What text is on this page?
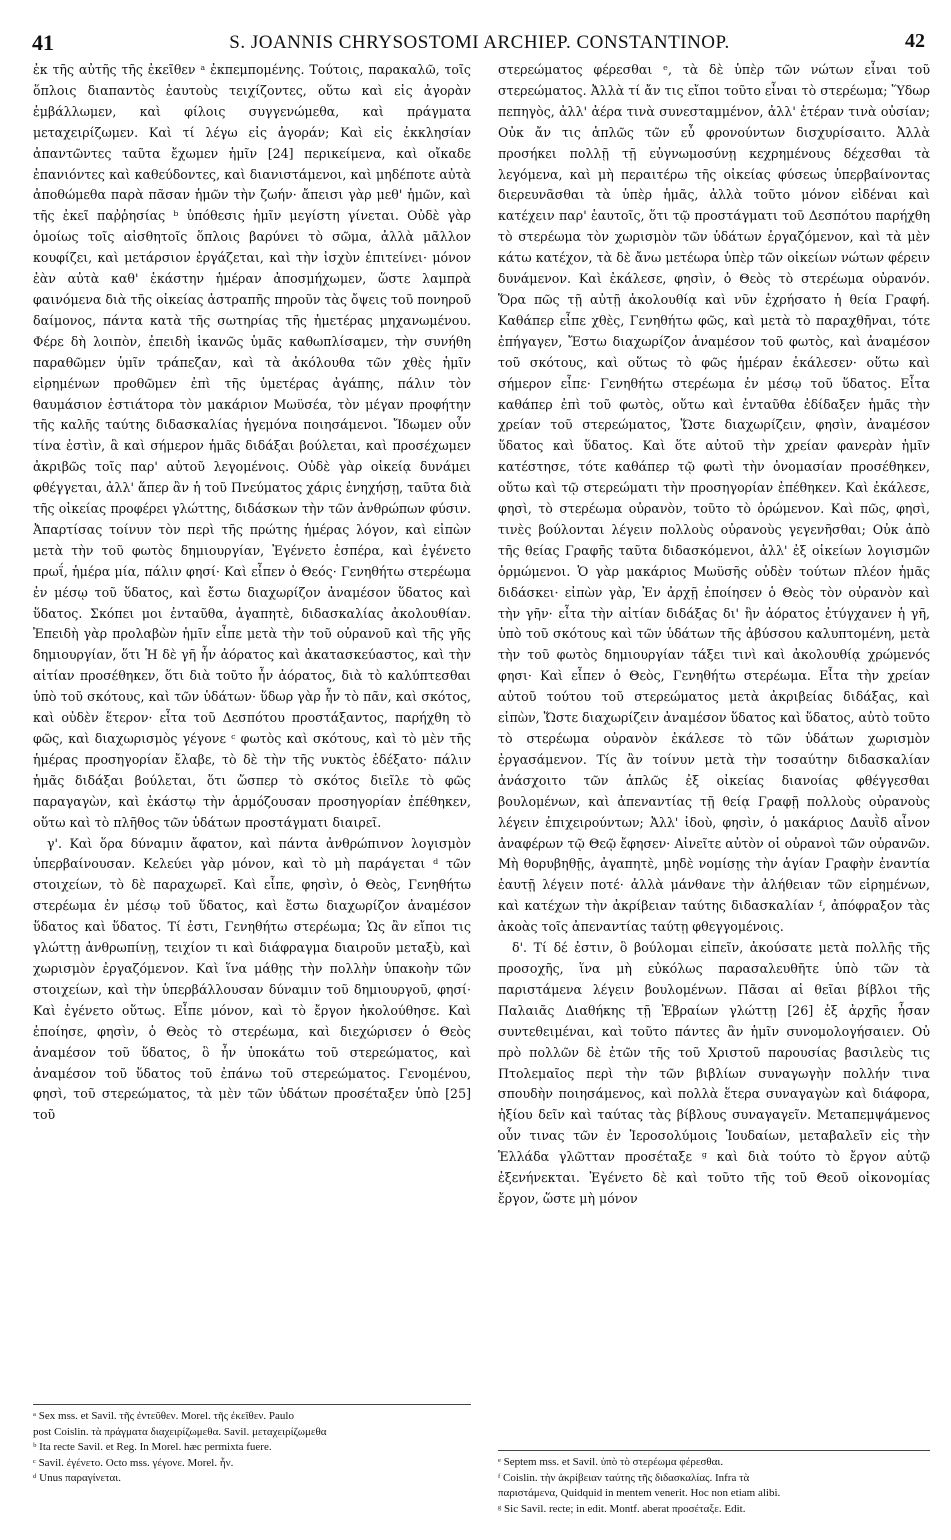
41	S. JOANNIS CHRYSOSTOMI ARCHIEP. CONSTANTINOP.	42

ἐκ τῆς αὐτῆς τῆς ἐκεῖθεν ᵃ ἐκπεμπομένης. Τούτοις, παρακαλῶ, τοῖς ὅπλοις διαπαντὸς ἑαυτοὺς τειχίζοντες, οὕτω καὶ εἰς ἀγορὰν ἐμβάλλωμεν, καὶ φίλοις συγγενώμεθα, καὶ πράγματα μεταχειρίζωμεν. Καὶ τί λέγω εἰς ἀγοράν; Καὶ εἰς ἐκκλησίαν ἀπαντῶντες ταῦτα ἔχωμεν ἡμῖν [24] περικείμενα, καὶ οἴκαδε ἐπανιόντες καὶ καθεύδοντες, καὶ διανιστάμενοι, καὶ μηδέποτε αὐτὰ ἀποθώμεθα παρὰ πᾶσαν ἡμῶν τὴν ζωήν· ἄπεισι γὰρ μεθ' ἡμῶν, καὶ τῆς ἐκεῖ παῤῥησίας ᵇ ὑπόθεσις ἡμῖν μεγίστη γίνεται. Οὐδὲ γὰρ ὁμοίως τοῖς αἰσθητοῖς ὅπλοις βαρύνει τὸ σῶμα, ἀλλὰ μᾶλλον κουφίζει, καὶ μετάρσιον ἐργάζεται, καὶ τὴν ἰσχὺν ἐπιτείνει· μόνον ἐὰν αὐτὰ καθ' ἑκάστην ἡμέραν ἀποσμήχωμεν, ὥστε λαμπρὰ φαινόμενα διὰ τῆς οἰκείας ἀστραπῆς πηροῦν τὰς ὄψεις τοῦ πονηροῦ δαίμονος, πάντα κατὰ τῆς σωτηρίας τῆς ἡμετέρας μηχανωμένου. Φέρε δὴ λοιπὸν, ἐπειδὴ ἱκανῶς ὑμᾶς καθωπλίσαμεν, τὴν συνήθη παραθῶμεν ὑμῖν τράπεζαν, καὶ τὰ ἀκόλουθα τῶν χθὲς ἡμῖν εἰρημένων προθῶμεν ἐπὶ τῆς ὑμετέρας ἀγάπης, πάλιν τὸν θαυμάσιον ἑστιάτορα τὸν μακάριον Μωϋσέα, τὸν μέγαν προφήτην τῆς καλῆς ταύτης διδασκαλίας ἡγεμόνα ποιησάμενοι. Ἴδωμεν οὖν τίνα ἐστὶν, ἃ καὶ σήμερον ἡμᾶς διδάξαι βούλεται, καὶ προσέχωμεν ἀκριβῶς τοῖς παρ' αὐτοῦ λεγομένοις. Οὐδὲ γὰρ οἰκείᾳ δυνάμει φθέγγεται, ἀλλ' ἅπερ ἂν ἡ τοῦ Πνεύματος χάρις ἐνηχήσῃ, ταῦτα διὰ τῆς οἰκείας προφέρει γλώττης, διδάσκων τὴν τῶν ἀνθρώπων φύσιν. Ἀπαρτίσας τοίνυν τὸν περὶ τῆς πρώτης ἡμέρας λόγον, καὶ εἰπὼν μετὰ τὴν τοῦ φωτὸς δημιουργίαν, Ἐγένετο ἑσπέρα, καὶ ἐγένετο πρωΐ, ἡμέρα μία, πάλιν φησί· Καὶ εἶπεν ὁ Θεός· Γενηθήτω στερέωμα ἐν μέσῳ τοῦ ὕδατος, καὶ ἔστω διαχωρίζον ἀναμέσον ὕδατος καὶ ὕδατος. Σκόπει μοι ἐνταῦθα, ἀγαπητὲ, διδασκαλίας ἀκολουθίαν. Ἐπειδὴ γὰρ προλαβὼν ἡμῖν εἶπε μετὰ τὴν τοῦ οὐρανοῦ καὶ τῆς γῆς δημιουργίαν, ὅτι Ἡ δὲ γῆ ἦν ἀόρατος καὶ ἀκατασκεύαστος, καὶ τὴν αἰτίαν προσέθηκεν, ὅτι διὰ τοῦτο ἦν ἀόρατος, διὰ τὸ καλύπτεσθαι ὑπὸ τοῦ σκότους, καὶ τῶν ὑδάτων· ὕδωρ γὰρ ἦν τὸ πᾶν, καὶ σκότος, καὶ οὐδὲν ἕτερον· εἶτα τοῦ Δεσπότου προστάξαντος, παρήχθη τὸ φῶς, καὶ διαχωρισμὸς γέγονε ᶜ φωτὸς καὶ σκότους, καὶ τὸ μὲν τῆς ἡμέρας προσηγορίαν ἔλαβε, τὸ δὲ τὴν τῆς νυκτὸς ἐδέξατο· πάλιν ἡμᾶς διδάξαι βούλεται, ὅτι ὥσπερ τὸ σκότος διεῖλε τὸ φῶς παραγαγὼν, καὶ ἑκάστῳ τὴν ἁρμόζουσαν προσηγορίαν ἐπέθηκεν, οὕτω καὶ τὸ πλῆθος τῶν ὑδάτων προστάγματι διαιρεῖ.

γ'. Καὶ ὅρα δύναμιν ἄφατον, καὶ πάντα ἀνθρώπινον λογισμὸν ὑπερβαίνουσαν. Κελεύει γὰρ μόνον, καὶ τὸ μὴ παράγεται ᵈ τῶν στοιχείων, τὸ δὲ παραχωρεῖ. Καὶ εἶπε, φησὶν, ὁ Θεὸς, Γενηθήτω στερέωμα ἐν μέσῳ τοῦ ὕδατος, καὶ ἔστω διαχωρίζον ἀναμέσον ὕδατος καὶ ὕδατος. Τί ἐστι, Γενηθήτω στερέωμα; Ὡς ἂν εἴποι τις γλώττῃ ἀνθρωπίνῃ, τειχίον τι καὶ διάφραγμα διαιροῦν μεταξὺ, καὶ χωρισμὸν ἐργαζόμενον. Καὶ ἵνα μάθῃς τὴν πολλὴν ὑπακοὴν τῶν στοιχείων, καὶ τὴν ὑπερβάλλουσαν δύναμιν τοῦ δημιουργοῦ, φησί· Καὶ ἐγένετο οὕτως. Εἶπε μόνον, καὶ τὸ ἔργον ἠκολούθησε. Καὶ ἐποίησε, φησὶν, ὁ Θεὸς τὸ στερέωμα, καὶ διεχώρισεν ὁ Θεὸς ἀναμέσον τοῦ ὕδατος, ὃ ἦν ὑποκάτω τοῦ στερεώματος, καὶ ἀναμέσον τοῦ ὕδατος τοῦ ἐπάνω τοῦ στερεώματος. Γενομένου, φησὶ, τοῦ στερεώματος, τὰ μὲν τῶν ὑδάτων προσέταξεν ὑπὸ [25] τοῦ

στερεώματος φέρεσθαι ᵉ, τὰ δὲ ὑπὲρ τῶν νώτων εἶναι τοῦ στερεώματος. Ἀλλὰ τί ἄν τις εἴποι τοῦτο εἶναι τὸ στερέωμα; Ὕδωρ πεπηγὸς, ἀλλ' ἀέρα τινὰ συνεσταμμένον, ἀλλ' ἑτέραν τινὰ οὐσίαν; Οὐκ ἄν τις ἁπλῶς τῶν εὖ φρονούντων δισχυρίσαιτο. Ἀλλὰ προσήκει πολλῇ τῇ εὐγνωμοσύνῃ κεχρημένους δέχεσθαι τὰ λεγόμενα, καὶ μὴ περαιτέρω τῆς οἰκείας φύσεως ὑπερβαίνοντας διερευνᾶσθαι τὰ ὑπὲρ ἡμᾶς, ἀλλὰ τοῦτο μόνον εἰδέναι καὶ κατέχειν παρ' ἑαυτοῖς, ὅτι τῷ προστάγματι τοῦ Δεσπότου παρήχθη τὸ στερέωμα τὸν χωρισμὸν τῶν ὑδάτων ἐργαζόμενον, καὶ τὰ μὲν κάτω κατέχον, τὰ δὲ ἄνω μετέωρα ὑπὲρ τῶν οἰκείων νώτων φέρειν δυνάμενον. Καὶ ἐκάλεσε, φησὶν, ὁ Θεὸς τὸ στερέωμα οὐρανόν. Ὅρα πῶς τῇ αὐτῇ ἀκολουθίᾳ καὶ νῦν ἐχρήσατο ἡ θεία Γραφή. Καθάπερ εἶπε χθὲς, Γενηθήτω φῶς, καὶ μετὰ τὸ παραχθῆναι, τότε ἐπήγαγεν, Ἔστω διαχωρίζον ἀναμέσον τοῦ φωτὸς, καὶ ἀναμέσον τοῦ σκότους, καὶ οὕτως τὸ φῶς ἡμέραν ἐκάλεσεν· οὕτω καὶ σήμερον εἶπε· Γενηθήτω στερέωμα ἐν μέσῳ τοῦ ὕδατος. Εἶτα καθάπερ ἐπὶ τοῦ φωτὸς, οὕτω καὶ ἐνταῦθα ἐδίδαξεν ἡμᾶς τὴν χρείαν τοῦ στερεώματος, Ὥστε διαχωρίζειν, φησὶν, ἀναμέσον ὕδατος καὶ ὕδατος. Καὶ ὅτε αὐτοῦ τὴν χρείαν φανερὰν ἡμῖν κατέστησε, τότε καθάπερ τῷ φωτὶ τὴν ὀνομασίαν προσέθηκεν, οὕτω καὶ τῷ στερεώματι τὴν προσηγορίαν ἐπέθηκεν. Καὶ ἐκάλεσε, φησὶ, τὸ στερέωμα οὐρανὸν, τοῦτο τὸ ὁρώμενον. Καὶ πῶς, φησὶ, τινὲς βούλονται λέγειν πολλοὺς οὐρανοὺς γεγενῆσθαι; Οὐκ ἀπὸ τῆς θείας Γραφῆς ταῦτα διδασκόμενοι, ἀλλ' ἐξ οἰκείων λογισμῶν ὁρμώμενοι. Ὁ γὰρ μακάριος Μωϋσῆς οὐδὲν τούτων πλέον ἡμᾶς διδάσκει· εἰπὼν γὰρ, Ἐν ἀρχῇ ἐποίησεν ὁ Θεὸς τὸν οὐρανὸν καὶ τὴν γῆν· εἶτα τὴν αἰτίαν διδάξας δι' ἣν ἀόρατος ἐτύγχανεν ἡ γῆ, ὑπὸ τοῦ σκότους καὶ τῶν ὑδάτων τῆς ἀβύσσου καλυπτομένη, μετὰ τὴν τοῦ φωτὸς δημιουργίαν τάξει τινὶ καὶ ἀκολουθίᾳ χρώμενός φησι· Καὶ εἶπεν ὁ Θεὸς, Γενηθήτω στερέωμα. Εἶτα τὴν χρείαν αὐτοῦ τούτου τοῦ στερεώματος μετὰ ἀκριβείας διδάξας, καὶ εἰπὼν, Ὥστε διαχωρίζειν ἀναμέσον ὕδατος καὶ ὕδατος, αὐτὸ τοῦτο τὸ στερέωμα οὐρανὸν ἐκάλεσε τὸ τῶν ὑδάτων χωρισμὸν ἐργασάμενον. Τίς ἂν τοίνυν μετὰ τὴν τοσαύτην διδασκαλίαν ἀνάσχοιτο τῶν ἁπλῶς ἐξ οἰκείας διανοίας φθέγγεσθαι βουλομένων, καὶ ἀπεναντίας τῇ θείᾳ Γραφῇ πολλοὺς οὐρανοὺς λέγειν ἐπιχειρούντων; Ἀλλ' ἰδοὺ, φησὶν, ὁ μακάριος Δαυῒδ αἶνον ἀναφέρων τῷ Θεῷ ἔφησεν· Αἰνεῖτε αὐτὸν οἱ οὐρανοὶ τῶν οὐρανῶν. Μὴ θορυβηθῇς, ἀγαπητὲ, μηδὲ νομίσῃς τὴν ἁγίαν Γραφὴν ἐναντία ἑαυτῇ λέγειν ποτέ· ἀλλὰ μάνθανε τὴν ἀλήθειαν τῶν εἰρημένων, καὶ κατέχων τὴν ἀκρίβειαν ταύτης διδασκαλίαν ᶠ, ἀπόφραξον τὰς ἀκοὰς τοῖς ἀπεναντίας ταύτῃ φθεγγομένοις.

δ'. Τί δέ ἐστιν, ὃ βούλομαι εἰπεῖν, ἀκούσατε μετὰ πολλῆς τῆς προσοχῆς, ἵνα μὴ εὐκόλως παρασαλευθῆτε ὑπὸ τῶν τὰ παριστάμενα λέγειν βουλομένων. Πᾶσαι αἱ θεῖαι βίβλοι τῆς Παλαιᾶς Διαθήκης τῇ Ἑβραίων γλώττῃ [26] ἐξ ἀρχῆς ἦσαν συντεθειμέναι, καὶ τοῦτο πάντες ἂν ἡμῖν συνομολογήσαιεν. Οὐ πρὸ πολλῶν δὲ ἐτῶν τῆς τοῦ Χριστοῦ παρουσίας βασιλεὺς τις Πτολεμαῖος περὶ τὴν τῶν βιβλίων συναγωγὴν πολλήν τινα σπουδὴν ποιησάμενος, καὶ πολλὰ ἕτερα συναγαγὼν καὶ διάφορα, ἠξίου δεῖν καὶ ταύτας τὰς βίβλους συναγαγεῖν. Μεταπεμψάμενος οὖν τινας τῶν ἐν Ἱεροσολύμοις Ἰουδαίων, μεταβαλεῖν εἰς τὴν Ἑλλάδα γλῶτταν προσέταξε ᵍ καὶ διὰ τούτο τὸ ἔργον αὐτῷ ἐξενήνεκται. Ἐγένετο δὲ καὶ τοῦτο τῆς τοῦ Θεοῦ οἰκονομίας ἔργον, ὥστε μὴ μόνον

ᵃ Sex mss. et Savil. τῆς ἐντεῦθεν. Morel. τῆς ἐκεῖθεν. Paulo
post Coislin. τὰ πράγματα διαχειρίζωμεθα. Savil. μεταχειρίζωμεθα
ᵇ Ita recte Savil. et Reg. In Morel. hæc permixta fuere.
ᶜ Savil. ἐγένετο. Octo mss. γέγονε. Morel. ἦν.
ᵈ Unus παραγίνεται.
ᵉ Septem mss. et Savil. ὑπὸ τὸ στερέωμα φέρεσθαι.
ᶠ Coislin. τὴν ἀκρίβειαν ταύτης τῆς διδασκαλίας. Infra τὰ
παριστάμενα, Quidquid in mentem venerit. Hoc non etiam alibi.
ᵍ Sic Savil. recte; in edit. Montf. aberat προσέταξε. Edit.
